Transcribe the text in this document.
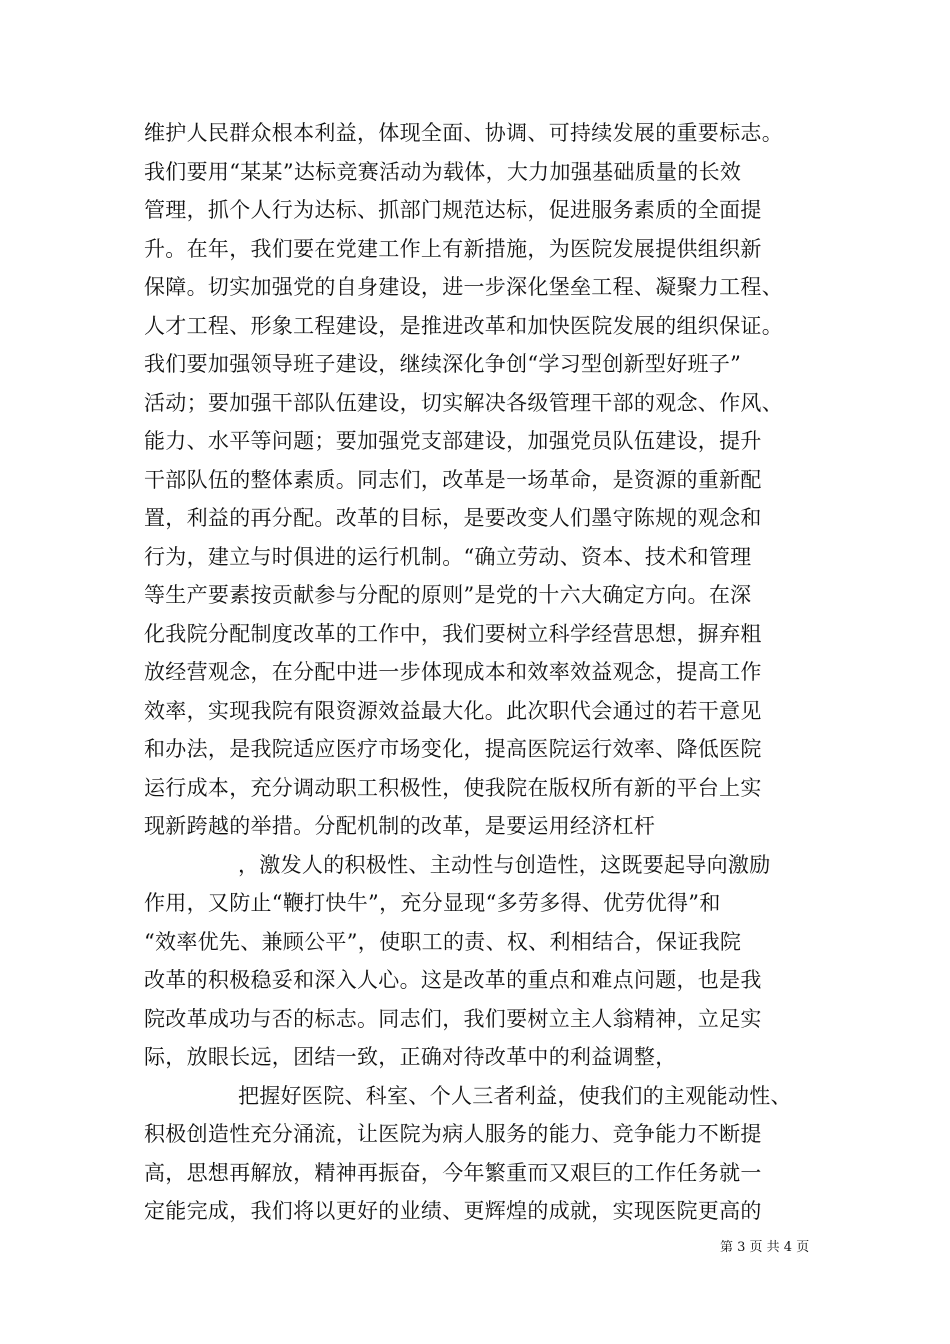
维护人民群众根本利益，体现全面、协调、可持续发展的重要标志。
我们要用“某某”达标竞赛活动为载体，大力加强基础质量的长效
管理，抓个人行为达标、抓部门规范达标，促进服务素质的全面提
升。在年，我们要在党建工作上有新措施，为医院发展提供组织新
保障。切实加强党的自身建设，进一步深化堡垒工程、凝聚力工程、
人才工程、形象工程建设，是推进改革和加快医院发展的组织保证。
我们要加强领导班子建设，继续深化争创“学习型创新型好班子”
活动；要加强干部队伍建设，切实解决各级管理干部的观念、作风、
能力、水平等问题；要加强党支部建设，加强党员队伍建设，提升
干部队伍的整体素质。同志们，改革是一场革命，是资源的重新配
置，利益的再分配。改革的目标，是要改变人们墨守陈规的观念和
行为，建立与时俱进的运行机制。“确立劳动、资本、技术和管理
等生产要素按贡献参与分配的原则”是党的十六大确定方向。在深
化我院分配制度改革的工作中，我们要树立科学经营思想，摒弃粗
放经营观念，在分配中进一步体现成本和效率效益观念，提高工作
效率，实现我院有限资源效益最大化。此次职代会通过的若干意见
和办法，是我院适应医疗市场变化，提高医院运行效率、降低医院
运行成本，充分调动职工积极性，使我院在版权所有新的平台上实
现新跨越的举措。分配机制的改革，是要运用经济杠杆
，激发人的积极性、主动性与创造性，这既要起导向激励
作用，又防止“鞭打快牛”，充分显现“多劳多得、优劳优得”和
“效率优先、兼顾公平”，使职工的责、权、利相结合，保证我院
改革的积极稳妥和深入人心。这是改革的重点和难点问题，也是我
院改革成功与否的标志。同志们，我们要树立主人翁精神，立足实
际，放眼长远，团结一致，正确对待改革中的利益调整，
把握好医院、科室、个人三者利益，使我们的主观能动性、
积极创造性充分涌流，让医院为病人服务的能力、竞争能力不断提
高，思想再解放，精神再振奋，今年繁重而又艰巨的工作任务就一
定能完成，我们将以更好的业绩、更辉煌的成就，实现医院更高的
第 3 页 共 4 页
